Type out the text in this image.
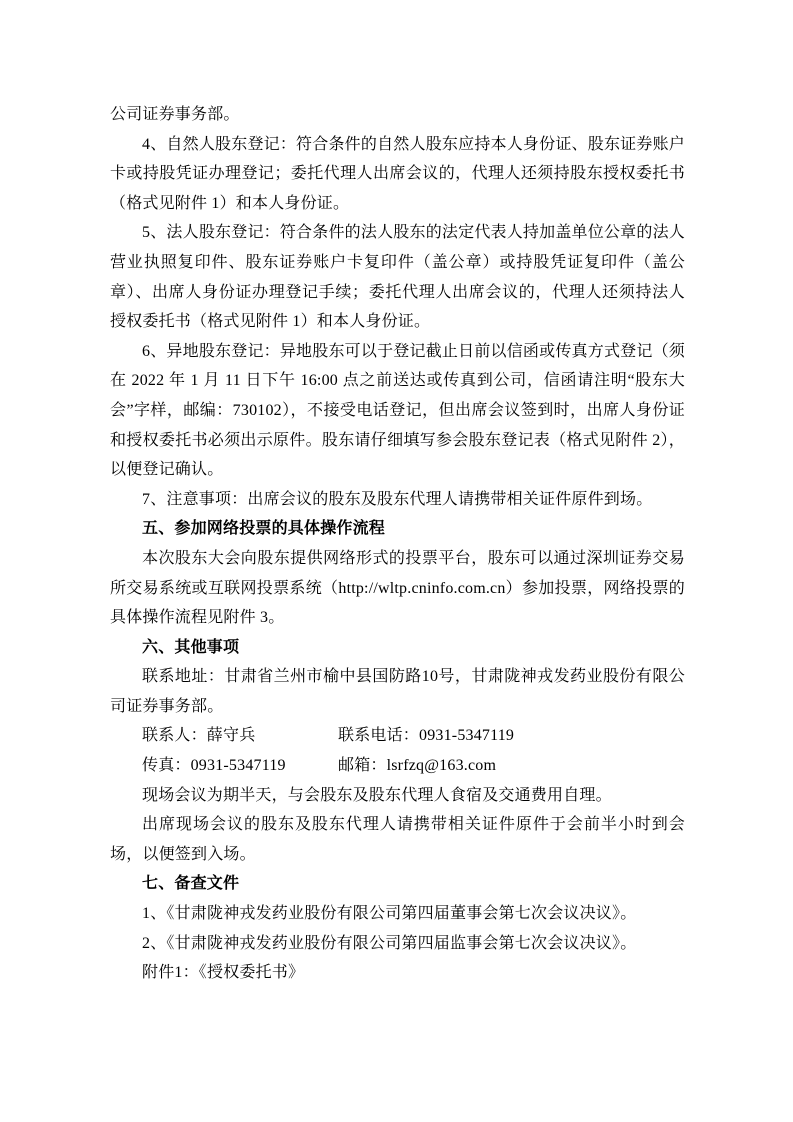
公司证券事务部。

4、自然人股东登记：符合条件的自然人股东应持本人身份证、股东证券账户卡或持股凭证办理登记；委托代理人出席会议的，代理人还须持股东授权委托书（格式见附件 1）和本人身份证。

5、法人股东登记：符合条件的法人股东的法定代表人持加盖单位公章的法人营业执照复印件、股东证券账户卡复印件（盖公章）或持股凭证复印件（盖公章）、出席人身份证办理登记手续；委托代理人出席会议的，代理人还须持法人授权委托书（格式见附件 1）和本人身份证。

6、异地股东登记：异地股东可以于登记截止日前以信函或传真方式登记（须在 2022 年 1 月 11 日下午 16:00 点之前送达或传真到公司，信函请注明“股东大会”字样，邮编：730102），不接受电话登记，但出席会议签到时，出席人身份证和授权委托书必须出示原件。股东请仔细填写参会股东登记表（格式见附件 2），以便登记确认。

7、注意事项：出席会议的股东及股东代理人请携带相关证件原件到场。

五、参加网络投票的具体操作流程

本次股东大会向股东提供网络形式的投票平台，股东可以通过深圳证券交易所交易系统或互联网投票系统（http://wltp.cninfo.com.cn）参加投票，网络投票的具体操作流程见附件 3。

六、其他事项

联系地址：甘肃省兰州市榆中县国防路10号，甘肃陇神戎发药业股份有限公司证券事务部。

联系人：薛守兵	联系电话：0931-5347119

传真：0931-5347119	邮箱：lsrfzq@163.com

现场会议为期半天，与会股东及股东代理人食宿及交通费用自理。

出席现场会议的股东及股东代理人请携带相关证件原件于会前半小时到会场，以便签到入场。

七、备查文件

1、《甘肃陇神戎发药业股份有限公司第四届董事会第七次会议决议》。

2、《甘肃陇神戎发药业股份有限公司第四届监事会第七次会议决议》。

附件1：《授权委托书》
